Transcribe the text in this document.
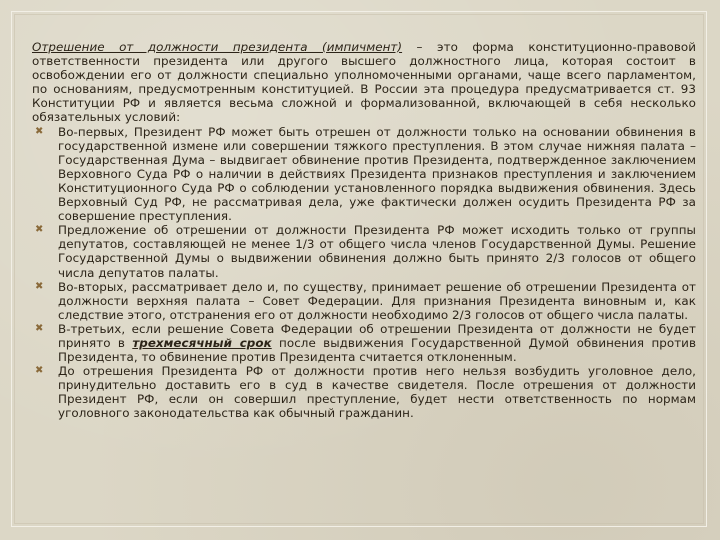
Отрешение от должности президента (импичмент) – это форма конституционно-правовой ответственности президента или другого высшего должностного лица, которая состоит в освобождении его от должности специально уполномоченными органами, чаще всего парламентом, по основаниям, предусмотренным конституцией. В России эта процедура предусматривается ст. 93 Конституции РФ и является весьма сложной и формализованной, включающей в себя несколько обязательных условий:

✖ Во-первых, Президент РФ может быть отрешен от должности только на основании обвинения в государственной измене или совершении тяжкого преступления. В этом случае нижняя палата – Государственная Дума – выдвигает обвинение против Президента, подтвержденное заключением Верховного Суда РФ о наличии в действиях Президента признаков преступления и заключением Конституционного Суда РФ о соблюдении установленного порядка выдвижения обвинения. Здесь Верховный Суд РФ, не рассматривая дела, уже фактически должен осудить Президента РФ за совершение преступления.
✖ Предложение об отрешении от должности Президента РФ может исходить только от группы депутатов, составляющей не менее 1/3 от общего числа членов Государственной Думы. Решение Государственной Думы о выдвижении обвинения должно быть принято 2/3 голосов от общего числа депутатов палаты.
✖ Во-вторых, рассматривает дело и, по существу, принимает решение об отрешении Президента от должности верхняя палата – Совет Федерации. Для признания Президента виновным и, как следствие этого, отстранения его от должности необходимо 2/3 голосов от общего числа палаты.
✖ В-третьих, если решение Совета Федерации об отрешении Президента от должности не будет принято в трехмесячный срок после выдвижения Государственной Думой обвинения против Президента, то обвинение против Президента считается отклоненным.
✖ До отрешения Президента РФ от должности против него нельзя возбудить уголовное дело, принудительно доставить его в суд в качестве свидетеля. После отрешения от должности Президент РФ, если он совершил преступление, будет нести ответственность по нормам уголовного законодательства как обычный гражданин.
